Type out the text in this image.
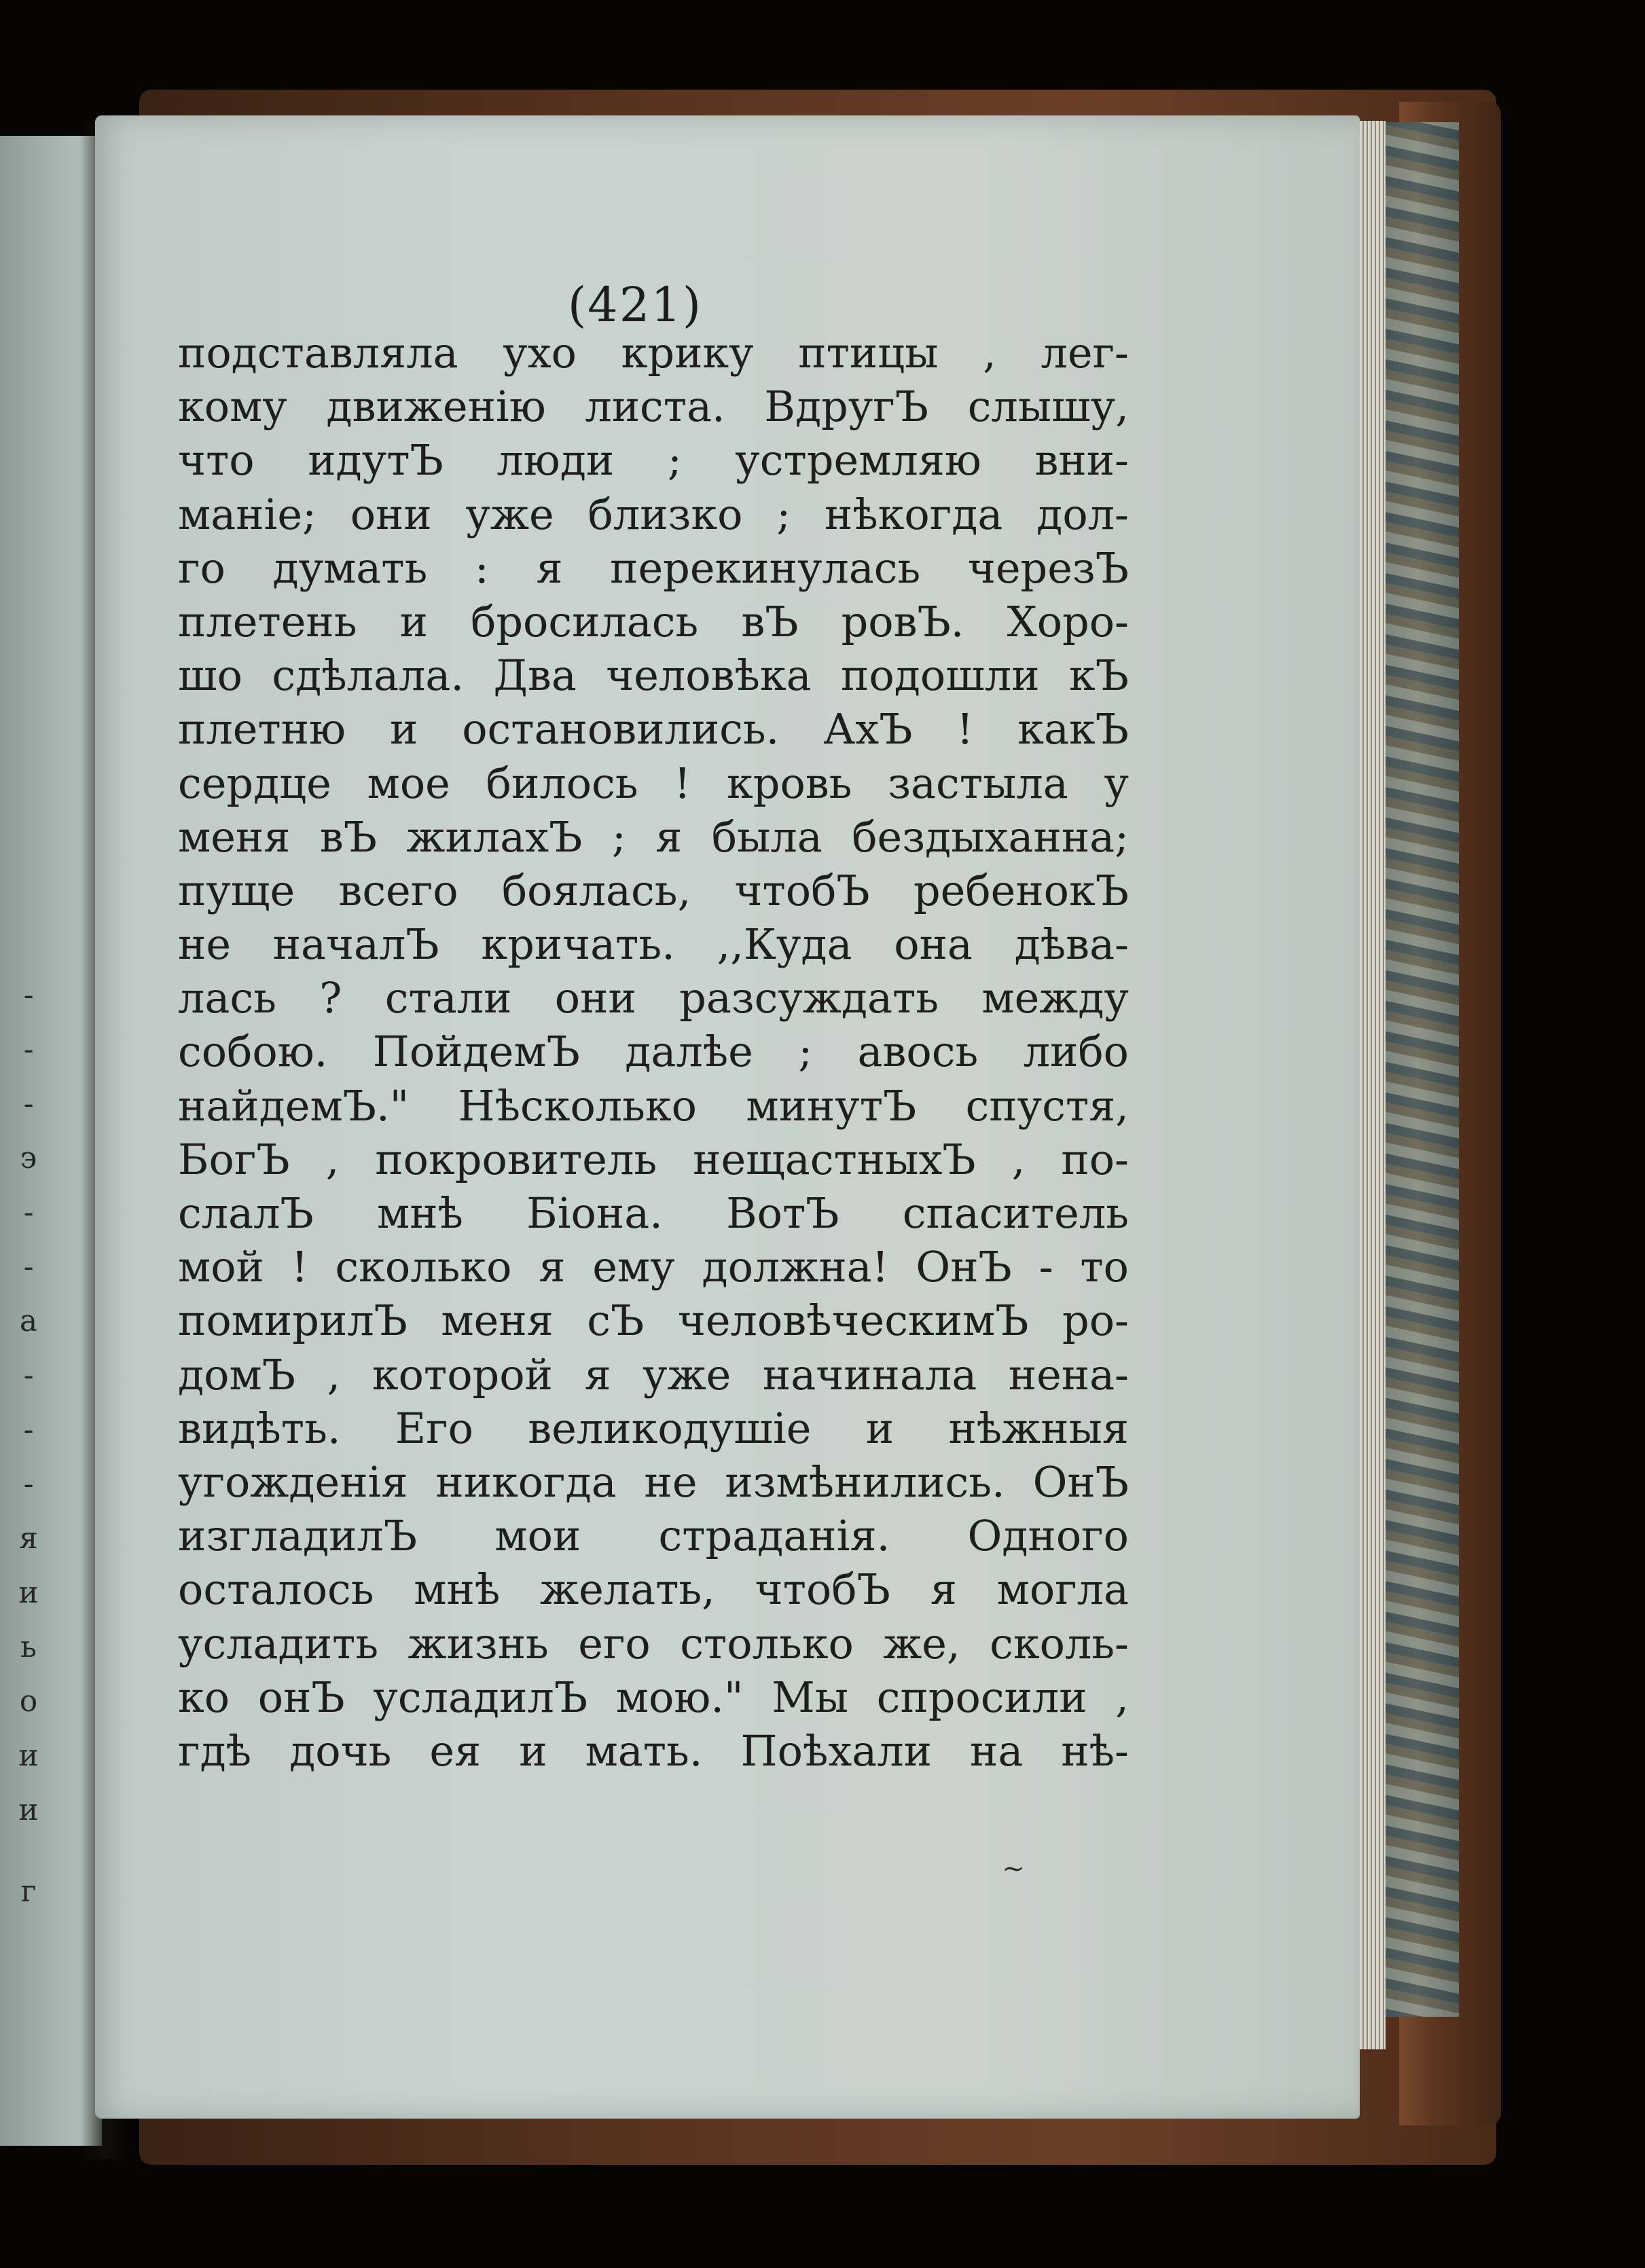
(421)
подставляла ухо крику птицы , лег-
кому движенію листа. ВдругЪ слышу,
что идутЪ люди ; устремляю вни-
маніе; они уже близко ; нѣкогда дол-
го думать : я перекинулась черезЪ
плетень и бросилась вЪ ровЪ. Хоро-
шо сдѣлала. Два человѣка подошли кЪ
плетню и остановились. АхЪ ! какЪ
сердце мое билось ! кровь застыла у
меня вЪ жилахЪ ; я была бездыханна;
пуще всего боялась, чтобЪ ребенокЪ
не началЪ кричать. ,,Куда она дѣва-
лась ? стали они разсуждать между
собою. ПойдемЪ далѣе ; авось либо
найдемЪ." Нѣсколько минутЪ спустя,
БогЪ , покровитель нещастныхЪ , по-
слалЪ мнѣ Біона. ВотЪ спаситель
мой ! сколько я ему должна! ОнЪ - то
помирилЪ меня сЪ человѣческимЪ ро-
домЪ , которой я уже начинала нена-
видѣть. Его великодушіе и нѣжныя
угожденія никогда не измѣнились. ОнЪ
изгладилЪ мои страданія. Одного
осталось мнѣ желать, чтобЪ я могла
усладить жизнь его столько же, сколь-
ко онЪ усладилЪ мою." Мы спросили ,
гдѣ дочь ея и мать. Поѣхали на нѣ-
~
-
-
-
э
-
-
а
-
-
-
я
и
ь
о
и
и
г
